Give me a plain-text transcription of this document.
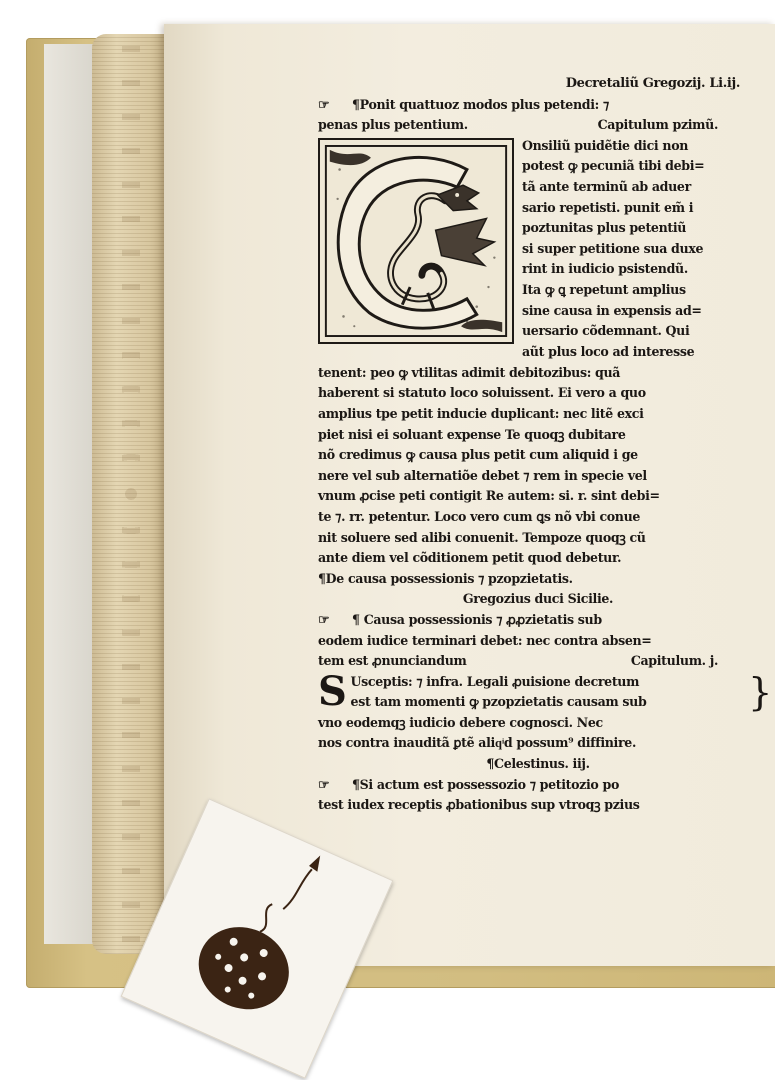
Decretaliũ Gregozij. Li.ij.
☞ ¶Ponit quattuoz modos plus petendi: ⁊
penas plus petentium.	Capitulum pzimũ.
Onsiliũ puidẽtie dici non
potest ꝙ pecuniã tibi debi=
tã ante terminũ ab aduer
sario repetisti. punit em̃ i
poztunitas plus petentiũ
si super petitione sua duxe
rint in iudicio psistendũ.
Ita ꝙ ꝗ repetunt amplius
sine causa in expensis ad=
uersario cõdemnant. Qui
aũt plus loco ad interesse
tenent: peo ꝙ vtilitas adimit debitozibus: quã
haberent si statuto loco soluissent. Ei vero a quo
amplius tpe petit inducie duplicant: nec litẽ exci
piet nisi ei soluant expense Te quoqꝫ dubitare
nõ credimus ꝙ causa plus petit cum aliquid i ge
nere vel sub alternatiõe debet ⁊ rem in specie vel
vnum ꝓcise peti contigit Re autem: si. r. sint debi=
te ⁊. rr. petentur. Loco vero cum ꝗs nõ vbi conue
nit soluere sed alibi conuenit. Tempoze quoqꝫ cũ
ante diem vel cõditionem petit quod debetur.
¶De causa possessionis ⁊ pzopzietatis.
Gregozius duci Sicilie.
☞ ¶ Causa possessionis ⁊ ꝓꝓzietatis sub
eodem iudice terminari debet: nec contra absen=
tem est ꝓnunciandum	Capitulum. j.
S Usceptis: ⁊ infra. Legali ꝓuisione decretum
est tam momenti ꝙ pzopzietatis causam sub	}
vno eodemqꝫ iudicio debere cognosci. Nec
nos contra inauditã ꝑtẽ aliqͥd possum⁹ diffinire.
¶Celestinus. iij.
☞ ¶Si actum est possessozio ⁊ petitozio po
test iudex receptis ꝓbationibus sup vtroqꝫ pzius
